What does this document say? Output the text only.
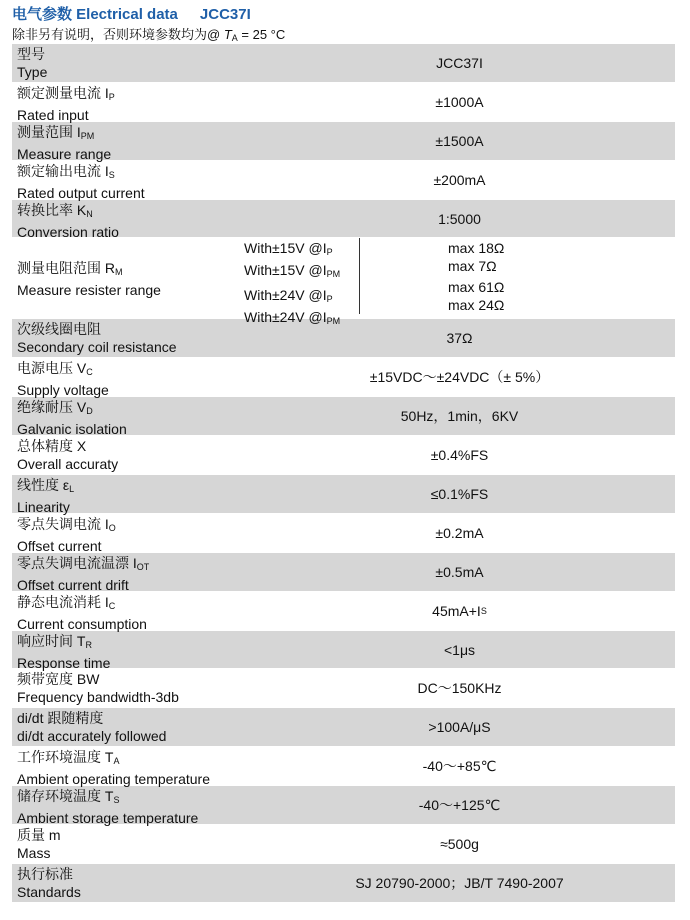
电气参数 Electrical data JCC37I
除非另有说明，否则环境参数均为@ $T_A = 25$ °C
型号
Type
JCC37I
额定测量电流 $I_P$
Rated input
±1000A
测量范围 $I_{PM}$
Measure range
±1500A
额定输出电流 $I_S$
Rated output current
±200mA
转换比率 $K_N$
Conversion ratio
1:5000
测量电阻范围 $R_M$
Measure resister range
With±15V $@I_P$
With±15V $@I_{PM}$
With±24V $@I_P$
With±24V $@I_{PM}$
max 18Ω
max 7Ω
max 61Ω
max 24Ω
次级线圈电阻
Secondary coil resistance
37Ω
电源电压 $V_C$
Supply voltage
±15VDC～±24VDC（± 5%）
绝缘耐压 $V_D$
Galvanic isolation
50Hz，1min，6KV
总体精度 X
Overall accuraty
±0.4%FS
线性度 $\varepsilon_L$
Linearity
≤0.1%FS
零点失调电流 $I_O$
Offset current
±0.2mA
零点失调电流温漂 $I_{OT}$
Offset current drift
±0.5mA
静态电流消耗 $I_C$
Current consumption
45mA+I S
响应时间 $T_R$
Response time
<1μs
频带宽度 BW
Frequency bandwidth-3db
DC～150KHz
di/dt 跟随精度
di/dt accurately followed
>100A/μS
工作环境温度 $T_A$
Ambient operating temperature
-40～+85℃
储存环境温度 $T_S$
Ambient storage temperature
-40～+125℃
质量 m
Mass
≈500g
执行标准
Standards
SJ 20790-2000；JB/T 7490-2007
